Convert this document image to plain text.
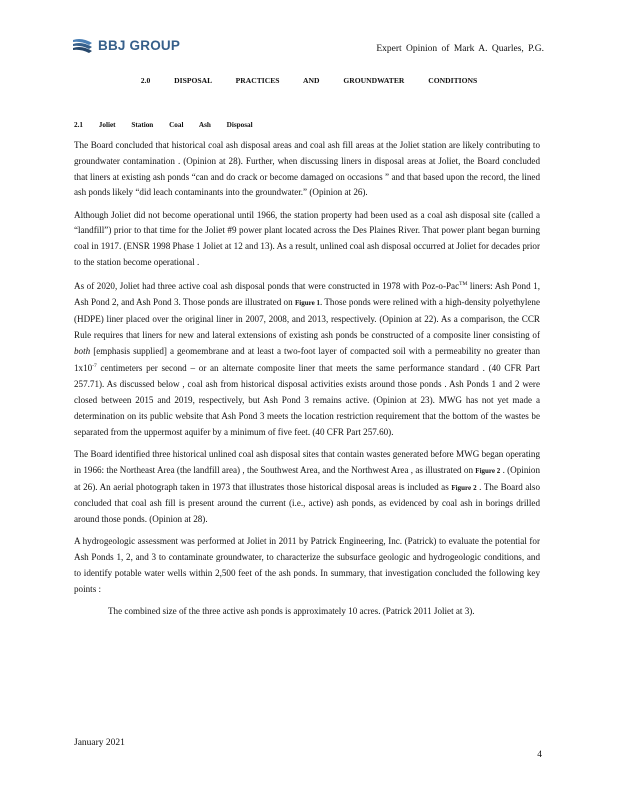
BBJ GROUP	Expert Opinion of Mark A. Quarles, P.G.
2.0 DISPOSAL PRACTICES AND GROUNDWATER CONDITIONS
2.1 Joliet Station Coal Ash Disposal

The Board concluded that historical coal ash disposal areas and coal ash fill areas at the Joliet station are likely contributing to groundwater contamination . (Opinion at 28). Further, when discussing liners in disposal areas at Joliet, the Board concluded that liners at existing ash ponds “can and do crack or become damaged on occasions ” and that based upon the record, the lined ash ponds likely “did leach contaminants into the groundwater.” (Opinion at 26).

Although Joliet did not become operational until 1966, the station property had been used as a coal ash disposal site (called a “landfill”) prior to that time for the Joliet #9 power plant located across the Des Plaines River. That power plant began burning coal in 1917. (ENSR 1998 Phase 1 Joliet at 12 and 13). As a result, unlined coal ash disposal occurred at Joliet for decades prior to the station become operational .

As of 2020, Joliet had three active coal ash disposal ponds that were constructed in 1978 with Poz-o-Pac™ liners: Ash Pond 1, Ash Pond 2, and Ash Pond 3. Those ponds are illustrated on Figure 1. Those ponds were relined with a high-density polyethylene (HDPE) liner placed over the original liner in 2007, 2008, and 2013, respectively. (Opinion at 22). As a comparison, the CCR Rule requires that liners for new and lateral extensions of existing ash ponds be constructed of a composite liner consisting of both [emphasis supplied] a geomembrane and at least a two-foot layer of compacted soil with a permeability no greater than $1x10^{-7}$ centimeters per second – or an alternate composite liner that meets the same performance standard . (40 CFR Part 257.71). As discussed below , coal ash from historical disposal activities exists around those ponds . Ash Ponds 1 and 2 were closed between 2015 and 2019, respectively, but Ash Pond 3 remains active. (Opinion at 23). MWG has not yet made a determination on its public website that Ash Pond 3 meets the location restriction requirement that the bottom of the wastes be separated from the uppermost aquifer by a minimum of five feet. (40 CFR Part 257.60).

The Board identified three historical unlined coal ash disposal sites that contain wastes generated before MWG began operating in 1966: the Northeast Area (the landfill area) , the Southwest Area, and the Northwest Area , as illustrated on Figure 2 . (Opinion at 26). An aerial photograph taken in 1973 that illustrates those historical disposal areas is included as Figure 2 . The Board also concluded that coal ash fill is present around the current (i.e., active) ash ponds, as evidenced by coal ash in borings drilled around those ponds. (Opinion at 28).

A hydrogeologic assessment was performed at Joliet in 2011 by Patrick Engineering, Inc. (Patrick) to evaluate the potential for Ash Ponds 1, 2, and 3 to contaminate groundwater, to characterize the subsurface geologic and hydrogeologic conditions, and to identify potable water wells within 2,500 feet of the ash ponds. In summary, that investigation concluded the following key points :

The combined size of the three active ash ponds is approximately 10 acres. (Patrick 2011 Joliet at 3).
January 2021
4
